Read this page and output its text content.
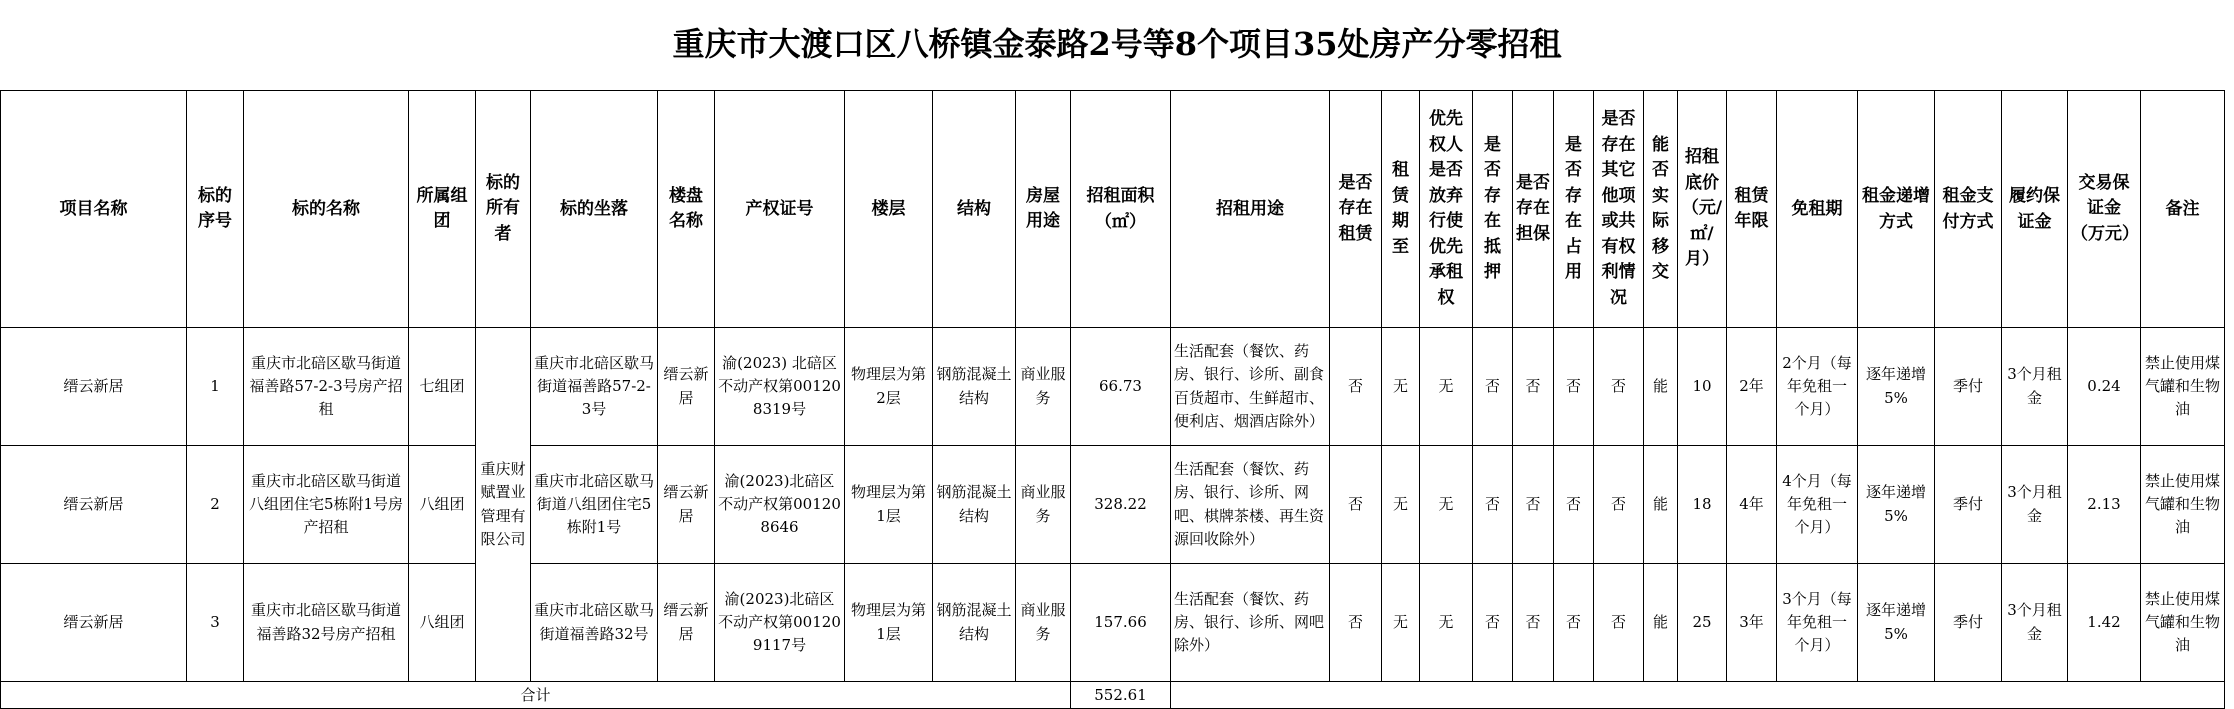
重庆市大渡口区八桥镇金泰路2号等8个项目35处房产分零招租
项目名称	标的序号	标的名称	所属组团	标的所有者	标的坐落	楼盘名称	产权证号	楼层	结构	房屋用途	招租面积（㎡）	招租用途	是否存在租赁	租赁期至	优先权人是否放弃行使优先承租权	是否存在抵押	是否存在担保	是否存在占用	是否存在其它他项或共有权利情况	能否实际移交	招租底价（元/㎡/月）	租赁年限	免租期	租金递增方式	租金支付方式	履约保证金	交易保证金（万元）	备注
缙云新居	1	重庆市北碚区歇马街道福善路57-2-3号房产招租	七组团	重庆财赋置业管理有限公司	重庆市北碚区歇马街道福善路57-2-3号	缙云新居	渝(2023) 北碚区不动产权第001208319号	物理层为第2层	钢筋混凝土结构	商业服务	66.73	生活配套（餐饮、药房、银行、诊所、副食百货超市、生鲜超市、便利店、烟酒店除外）	否	无	无	否	否	否	否	能	10	2年	2个月（每年免租一个月）	逐年递增5%	季付	3个月租金	0.24	禁止使用煤气罐和生物油
缙云新居	2	重庆市北碚区歇马街道八组团住宅5栋附1号房产招租	八组团		重庆市北碚区歇马街道八组团住宅5栋附1号	缙云新居	渝(2023)北碚区不动产权第001208646	物理层为第1层	钢筋混凝土结构	商业服务	328.22	生活配套（餐饮、药房、银行、诊所、网吧、棋牌茶楼、再生资源回收除外）	否	无	无	否	否	否	否	能	18	4年	4个月（每年免租一个月）	逐年递增5%	季付	3个月租金	2.13	禁止使用煤气罐和生物油
缙云新居	3	重庆市北碚区歇马街道福善路32号房产招租	八组团		重庆市北碚区歇马街道福善路32号	缙云新居	渝(2023)北碚区不动产权第001209117号	物理层为第1层	钢筋混凝土结构	商业服务	157.66	生活配套（餐饮、药房、银行、诊所、网吧除外）	否	无	无	否	否	否	否	能	25	3年	3个月（每年免租一个月）	逐年递增5%	季付	3个月租金	1.42	禁止使用煤气罐和生物油
合计											552.61																	
